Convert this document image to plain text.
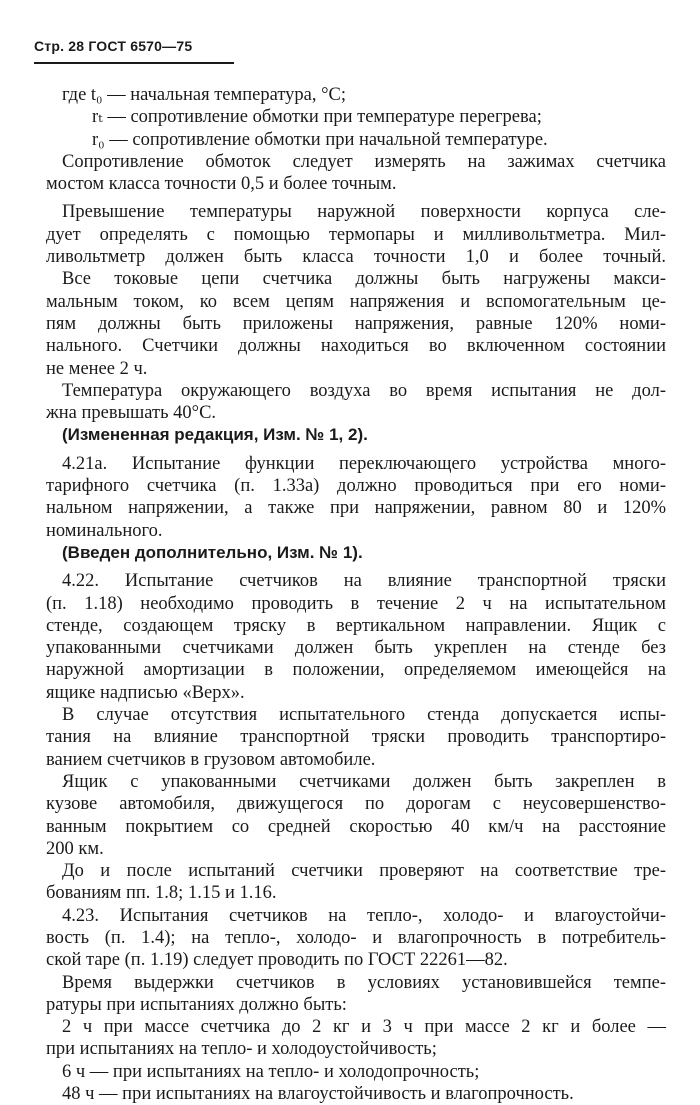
Стр. 28 ГОСТ 6570—75
где t₀ — начальная температура, °С;
rₜ — сопротивление обмотки при температуре перегрева;
r₀ — сопротивление обмотки при начальной температуре.
Сопротивление обмоток следует измерять на зажимах счетчика
мостом класса точности 0,5 и более точным.
Превышение температуры наружной поверхности корпуса сле-
дует определять с помощью термопары и милливольтметра. Мил-
ливольтметр должен быть класса точности 1,0 и более точный.
Все токовые цепи счетчика должны быть нагружены макси-
мальным током, ко всем цепям напряжения и вспомогательным це-
пям должны быть приложены напряжения, равные 120% номи-
нального. Счетчики должны находиться во включенном состоянии
не менее 2 ч.
Температура окружающего воздуха во время испытания не дол-
жна превышать 40°С.
(Измененная редакция, Изм. № 1, 2).
4.21а. Испытание функции переключающего устройства много-
тарифного счетчика (п. 1.33а) должно проводиться при его номи-
нальном напряжении, а также при напряжении, равном 80 и 120%
номинального.
(Введен дополнительно, Изм. № 1).
4.22. Испытание счетчиков на влияние транспортной тряски
(п. 1.18) необходимо проводить в течение 2 ч на испытательном
стенде, создающем тряску в вертикальном направлении. Ящик с
упакованными счетчиками должен быть укреплен на стенде без
наружной амортизации в положении, определяемом имеющейся на
ящике надписью «Верх».
В случае отсутствия испытательного стенда допускается испы-
тания на влияние транспортной тряски проводить транспортиро-
ванием счетчиков в грузовом автомобиле.
Ящик с упакованными счетчиками должен быть закреплен в
кузове автомобиля, движущегося по дорогам с неусовершенство-
ванным покрытием со средней скоростью 40 км/ч на расстояние
200 км.
До и после испытаний счетчики проверяют на соответствие тре-
бованиям пп. 1.8; 1.15 и 1.16.
4.23. Испытания счетчиков на тепло-, холодо- и влагоустойчи-
вость (п. 1.4); на тепло-, холодо- и влагопрочность в потребитель-
ской таре (п. 1.19) следует проводить по ГОСТ 22261—82.
Время выдержки счетчиков в условиях установившейся темпе-
ратуры при испытаниях должно быть:
2 ч при массе счетчика до 2 кг и 3 ч при массе 2 кг и более —
при испытаниях на тепло- и холодоустойчивость;
6 ч — при испытаниях на тепло- и холодопрочность;
48 ч — при испытаниях на влагоустойчивость и влагопрочность.
